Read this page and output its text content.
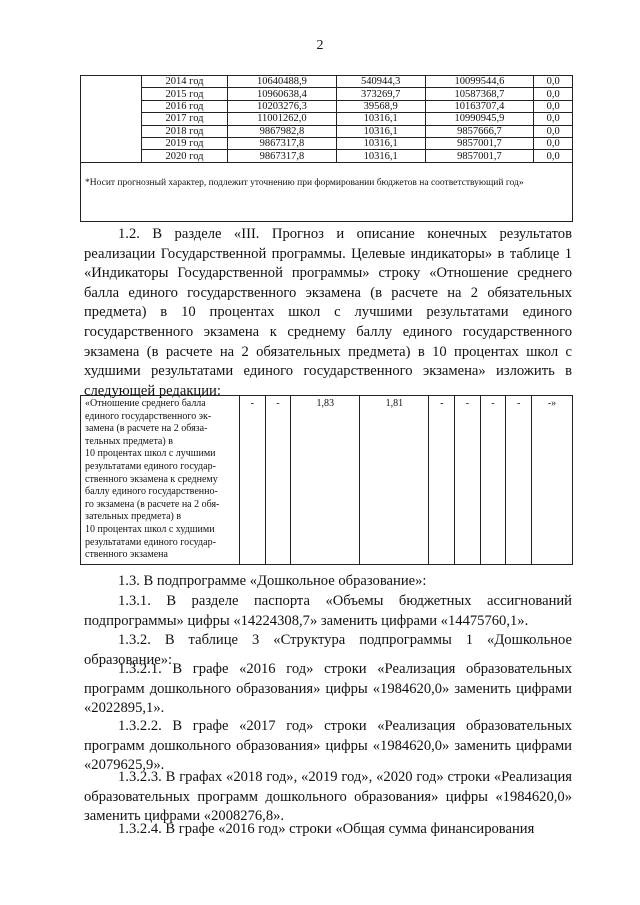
2
	2014 год	10640488,9	540944,3	10099544,6	0,0
	2015 год	10960638,4	373269,7	10587368,7	0,0
	2016 год	10203276,3	39568,9	10163707,4	0,0
	2017 год	11001262,0	10316,1	10990945,9	0,0
	2018 год	9867982,8	10316,1	9857666,7	0,0
	2019 год	9867317,8	10316,1	9857001,7	0,0
	2020 год	9867317,8	10316,1	9857001,7	0,0
*Носит прогнозный характер, подлежит уточнению при формировании бюджетов на соответствующий год»					
1.2. В разделе «III. Прогноз и описание конечных результатов реализации Государственной программы. Целевые индикаторы» в таблице 1 «Индикаторы Государственной программы» строку «Отношение среднего балла единого государственного экзамена (в расчете на 2 обязательных предмета) в 10 процентах школ с лучшими результатами единого государственного экзамена к среднему баллу единого государственного экзамена (в расчете на 2 обязательных предмета) в 10 процентах школ с худшими результатами единого государственного экзамена» изложить в следующей редакции:
«Отношение среднего балла
единого государственного эк-
замена (в расчете на 2 обяза-
тельных предмета) в
10 процентах школ с лучшими
результатами единого государ-
ственного экзамена к среднему
баллу единого государственно-
го экзамена (в расчете на 2 обя-
зательных предмета) в
10 процентах школ с худшими
результатами единого государ-
ственного экзамена
	-	-	1,83	1,81	-	-	-	-	-»
1.3. В подпрограмме «Дошкольное образование»:
1.3.1. В разделе паспорта «Объемы бюджетных ассигнований подпрограммы» цифры «14224308,7» заменить цифрами «14475760,1».
1.3.2. В таблице 3 «Структура подпрограммы 1 «Дошкольное образование»:
1.3.2.1. В графе «2016 год» строки «Реализация образовательных программ дошкольного образования» цифры «1984620,0» заменить цифрами «2022895,1».
1.3.2.2. В графе «2017 год» строки «Реализация образовательных программ дошкольного образования» цифры «1984620,0» заменить цифрами «2079625,9».
1.3.2.3. В графах «2018 год», «2019 год», «2020 год» строки «Реализация образовательных программ дошкольного образования» цифры «1984620,0» заменить цифрами «2008276,8».
1.3.2.4. В графе «2016 год» строки «Общая сумма финансирования
